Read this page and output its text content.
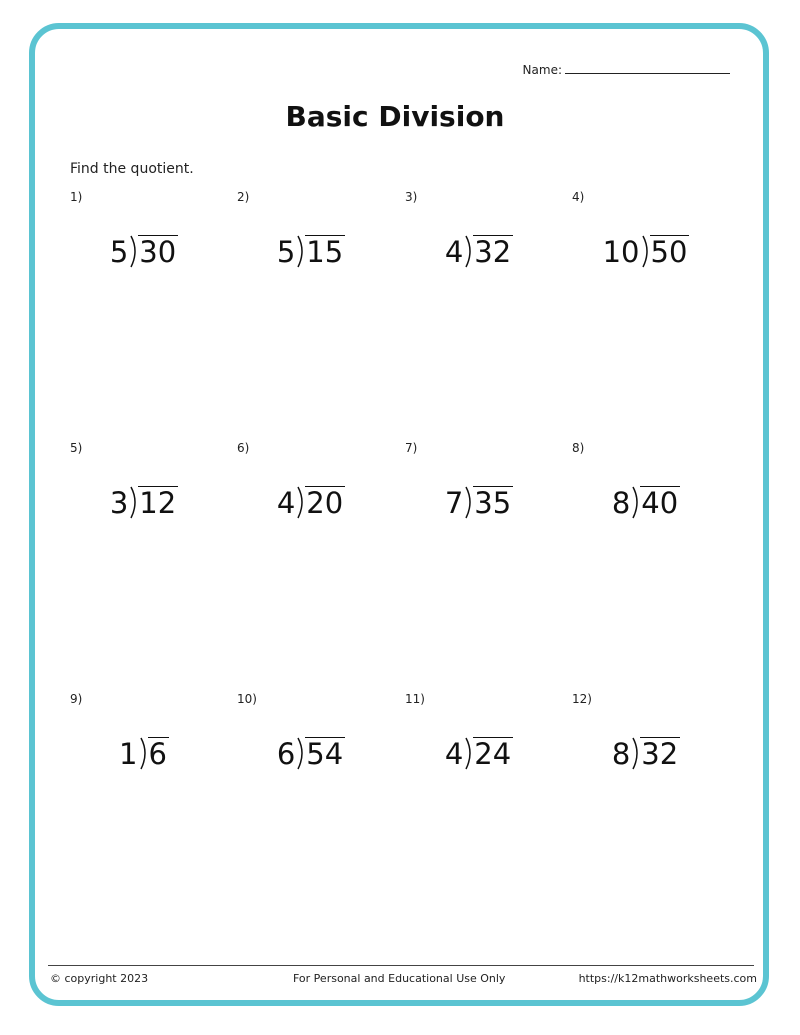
Name:
Basic Division
Find the quotient.
1)
5 30
2)
5 15
3)
4 32
4)
10 50
5)
3 12
6)
4 20
7)
7 35
8)
8 40
9)
1 6
10)
6 54
11)
4 24
12)
8 32
© copyright 2023	For Personal and Educational Use Only	https://k12mathworksheets.com
